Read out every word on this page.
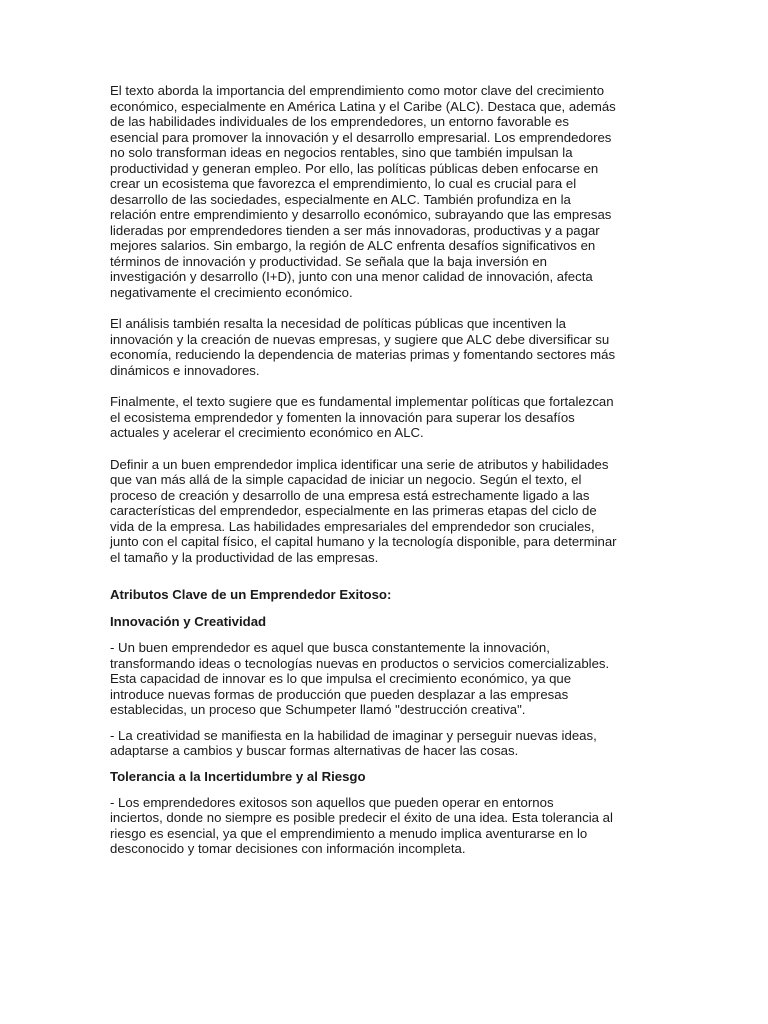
El texto aborda la importancia del emprendimiento como motor clave del crecimiento
económico, especialmente en América Latina y el Caribe (ALC). Destaca que, además
de las habilidades individuales de los emprendedores, un entorno favorable es
esencial para promover la innovación y el desarrollo empresarial. Los emprendedores
no solo transforman ideas en negocios rentables, sino que también impulsan la
productividad y generan empleo. Por ello, las políticas públicas deben enfocarse en
crear un ecosistema que favorezca el emprendimiento, lo cual es crucial para el
desarrollo de las sociedades, especialmente en ALC. También profundiza en la
relación entre emprendimiento y desarrollo económico, subrayando que las empresas
lideradas por emprendedores tienden a ser más innovadoras, productivas y a pagar
mejores salarios. Sin embargo, la región de ALC enfrenta desafíos significativos en
términos de innovación y productividad. Se señala que la baja inversión en
investigación y desarrollo (I+D), junto con una menor calidad de innovación, afecta
negativamente el crecimiento económico.

El análisis también resalta la necesidad de políticas públicas que incentiven la
innovación y la creación de nuevas empresas, y sugiere que ALC debe diversificar su
economía, reduciendo la dependencia de materias primas y fomentando sectores más
dinámicos e innovadores.

Finalmente, el texto sugiere que es fundamental implementar políticas que fortalezcan
el ecosistema emprendedor y fomenten la innovación para superar los desafíos
actuales y acelerar el crecimiento económico en ALC.

Definir a un buen emprendedor implica identificar una serie de atributos y habilidades
que van más allá de la simple capacidad de iniciar un negocio. Según el texto, el
proceso de creación y desarrollo de una empresa está estrechamente ligado a las
características del emprendedor, especialmente en las primeras etapas del ciclo de
vida de la empresa. Las habilidades empresariales del emprendedor son cruciales,
junto con el capital físico, el capital humano y la tecnología disponible, para determinar
el tamaño y la productividad de las empresas.

Atributos Clave de un Emprendedor Exitoso:
Innovación y Creatividad

- Un buen emprendedor es aquel que busca constantemente la innovación,
transformando ideas o tecnologías nuevas en productos o servicios comercializables.
Esta capacidad de innovar es lo que impulsa el crecimiento económico, ya que
introduce nuevas formas de producción que pueden desplazar a las empresas
establecidas, un proceso que Schumpeter llamó "destrucción creativa".

- La creatividad se manifiesta en la habilidad de imaginar y perseguir nuevas ideas,
adaptarse a cambios y buscar formas alternativas de hacer las cosas.

Tolerancia a la Incertidumbre y al Riesgo

- Los emprendedores exitosos son aquellos que pueden operar en entornos
inciertos, donde no siempre es posible predecir el éxito de una idea. Esta tolerancia al
riesgo es esencial, ya que el emprendimiento a menudo implica aventurarse en lo
desconocido y tomar decisiones con información incompleta.
